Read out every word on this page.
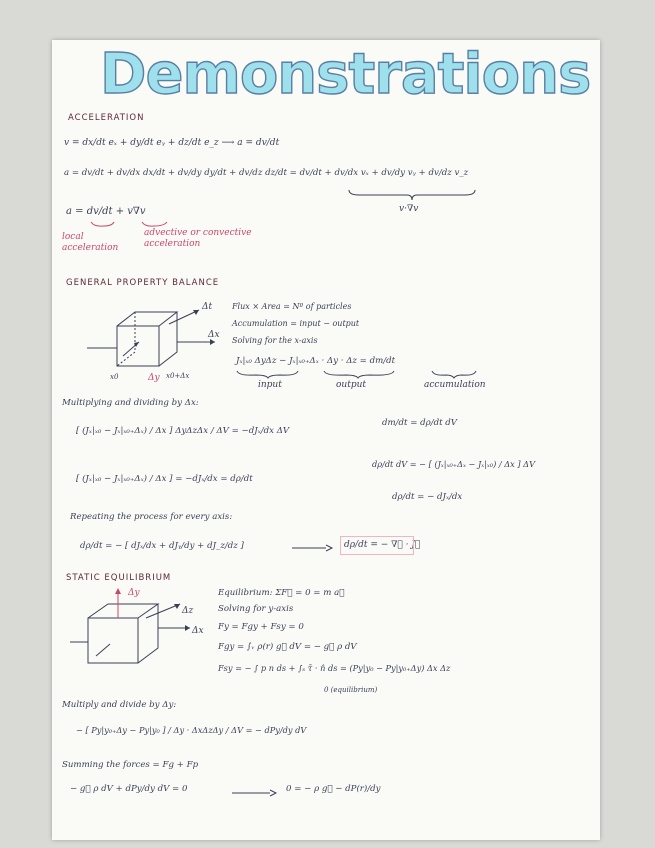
Demonstrations
ACCELERATION
v = dx/dt eₓ + dy/dt eᵧ + dz/dt e_z ⟶ a = dv/dt
a = dv/dt + dv/dx dx/dt + dv/dy dy/dt + dv/dz dz/dt = dv/dt + dv/dx vₓ + dv/dy vᵧ + dv/dz v_z
v·∇v
a = dv/dt + v∇v
local acceleration
advective or convective acceleration
GENERAL PROPERTY BALANCE
Δt
Δx
x0	Δy x0+Δx
Flux × Area = Nº of particles
Accumulation = input − output
Solving for the x-axis
Jₓ|ₓ₀ ΔyΔz − Jₓ|ₓ₀₊Δₓ · Δy · Δz = dm/dt
input	output	accumulation
Multiplying and dividing by Δx:
[ (Jₓ|ₓ₀ − Jₓ|ₓ₀₊Δₓ) / Δx ] ΔyΔzΔx / ΔV = −dJₓ/dx ΔV
dm/dt = dρ/dt dV
[ (Jₓ|ₓ₀ − Jₓ|ₓ₀₊Δₓ) / Δx ] = −dJₓ/dx = dρ/dt
dρ/dt dV = − [ (Jₓ|ₓ₀₊Δₓ − Jₓ|ₓ₀) / Δx ] ΔV
dρ/dt = − dJₓ/dx
Repeating the process for every axis:
dρ/dt = − [ dJₓ/dx + dJᵧ/dy + dJ_z/dz ]	dρ/dt = − ∇⃗ · J⃗
STATIC EQUILIBRIUM
Δy
Δz
Δx
Equilibrium: ΣF⃗ = 0 = m a⃗
Solving for y-axis
Fy = Fgy + Fsy = 0
Fgy = ∫ᵥ ρ(r) g⃗ dV = − g⃗ ρ dV
Fsy = − ∫ p n ds + ∫ₛ τ̄ · n̂ ds = (Py|y₀ − Py|y₀₊Δy) Δx Δz
0 (equilibrium)
Multiply and divide by Δy:
− [ Py|y₀₊Δy − Py|y₀ ] / Δy · ΔxΔzΔy / ΔV = − dPy/dy dV
Summing the forces = Fg + Fp
− g⃗ ρ dV + dPy/dy dV = 0	0 = − ρ g⃗ − dP(r)/dy
